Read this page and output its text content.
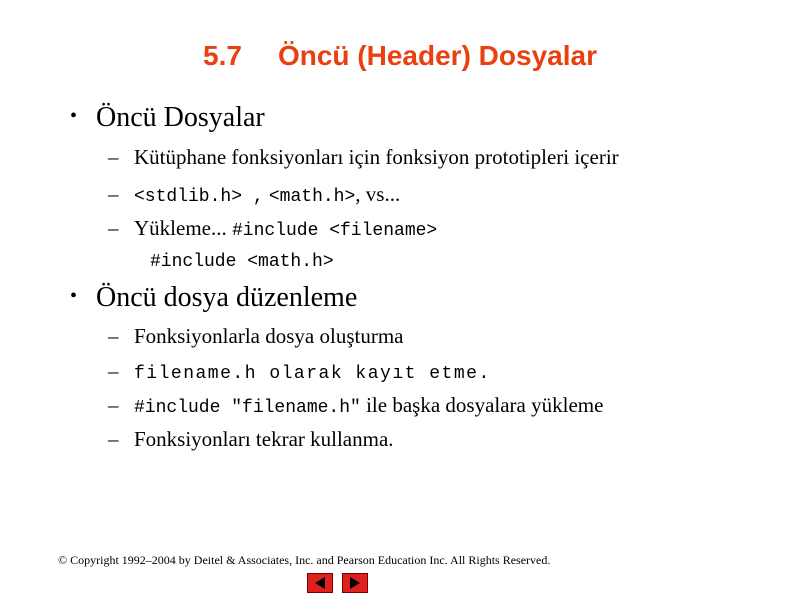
5.7 Öncü (Header) Dosyalar
• Öncü Dosyalar
– Kütüphane fonksiyonları için fonksiyon prototipleri içerir
– <stdlib.h> , <math.h>, vs...
– Yükleme... #include <filename>
#include <math.h>
• Öncü dosya düzenleme
– Fonksiyonlarla dosya oluşturma
– filename.h olarak kayıt etme.
– #include "filename.h" ile başka dosyalara yükleme
– Fonksiyonları tekrar kullanma.
© Copyright 1992–2004 by Deitel & Associates, Inc. and Pearson Education Inc. All Rights Reserved.
